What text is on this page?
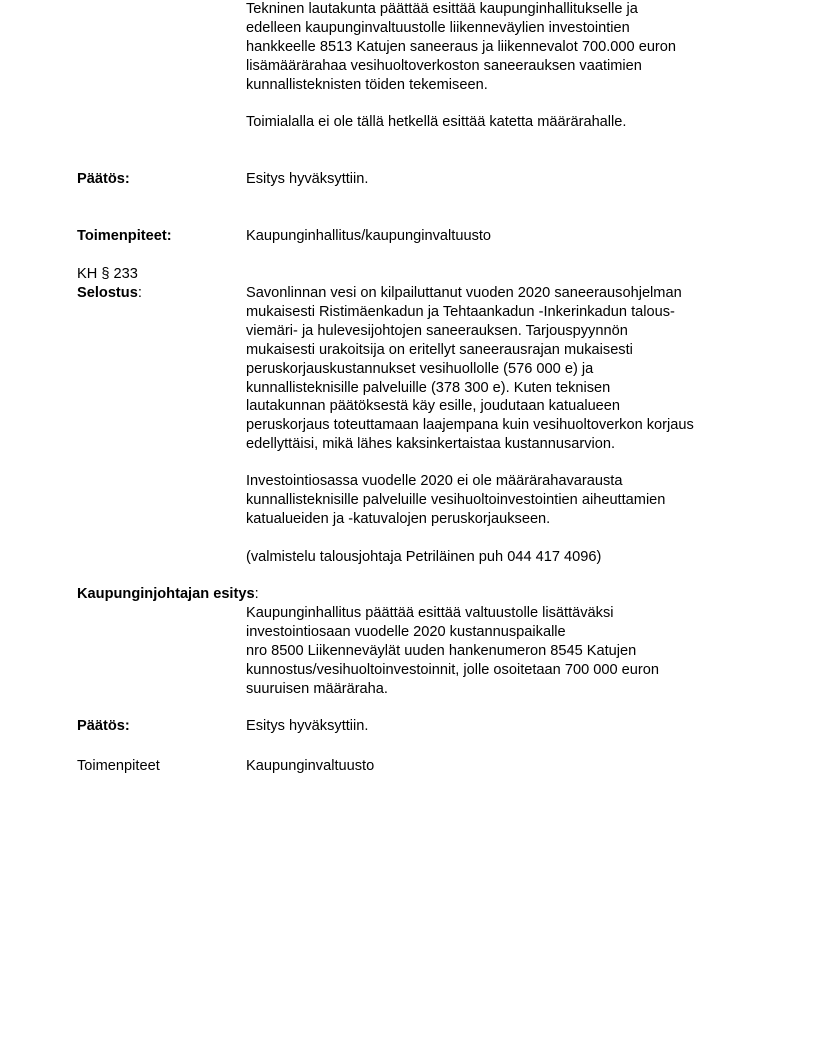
Tekninen lautakunta päättää esittää kaupunginhallitukselle ja
edelleen kaupunginvaltuustolle liikenneväylien investointien
hankkeelle 8513 Katujen saneeraus ja liikennevalot 700.000 euron
lisämäärärahaa vesihuoltoverkoston saneerauksen vaatimien
kunnallisteknisten töiden tekemiseen.
Toimialalla ei ole tällä hetkellä esittää katetta määrärahalle.
Päätös:	Esitys hyväksyttiin.
Toimenpiteet:	Kaupunginhallitus/kaupunginvaltuusto
KH § 233
Selostus:	Savonlinnan vesi on kilpailuttanut vuoden 2020 saneerausohjelman
mukaisesti Ristimäenkadun ja Tehtaankadun -Inkerinkadun talous-
viemäri- ja hulevesijohtojen saneerauksen. Tarjouspyynnön
mukaisesti urakoitsija on eritellyt saneerausrajan mukaisesti
peruskorjauskustannukset vesihuollolle (576 000 e) ja
kunnallisteknisille palveluille (378 300 e). Kuten teknisen
lautakunnan päätöksestä käy esille, joudutaan katualueen
peruskorjaus toteuttamaan laajempana kuin vesihuoltoverkon korjaus
edellyttäisi, mikä lähes kaksinkertaistaa kustannusarvion.
Investointiosassa vuodelle 2020 ei ole määrärahavarausta
kunnallisteknisille palveluille vesihuoltoinvestointien aiheuttamien
katualueiden ja -katuvalojen peruskorjaukseen.
(valmistelu talousjohtaja Petriläinen puh 044 417 4096)
Kaupunginjohtajan esitys:
Kaupunginhallitus päättää esittää valtuustolle lisättäväksi
investointiosaan vuodelle 2020 kustannuspaikalle
nro 8500 Liikenneväylät uuden hankenumeron 8545 Katujen
kunnostus/vesihuoltoinvestoinnit, jolle osoitetaan 700 000 euron
suuruisen määräraha.
Päätös:	Esitys hyväksyttiin.
Toimenpiteet	Kaupunginvaltuusto
